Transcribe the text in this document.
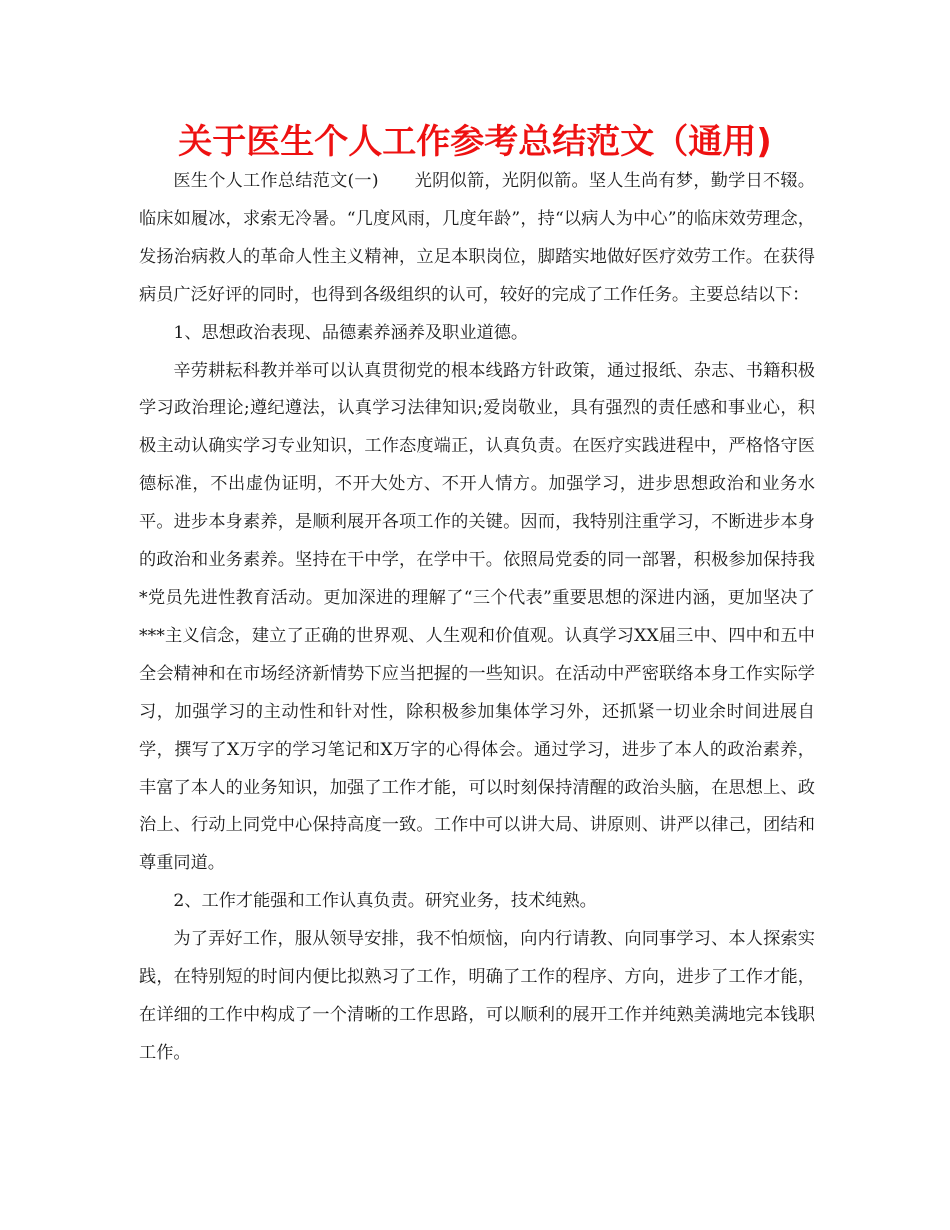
关于医生个人工作参考总结范文（通用)

医生个人工作总结范文(一) 光阴似箭，光阴似箭。坚人生尚有梦，勤学日不辍。临床如履冰，求索无冷暑。“几度风雨，几度年龄”，持“以病人为中心”的临床效劳理念，发扬治病救人的革命人性主义精神，立足本职岗位，脚踏实地做好医疗效劳工作。在获得病员广泛好评的同时，也得到各级组织的认可，较好的完成了工作任务。主要总结以下：

1、思想政治表现、品德素养涵养及职业道德。

辛劳耕耘科教并举可以认真贯彻党的根本线路方针政策，通过报纸、杂志、书籍积极学习政治理论;遵纪遵法，认真学习法律知识;爱岗敬业，具有强烈的责任感和事业心，积极主动认确实学习专业知识，工作态度端正，认真负责。在医疗实践进程中，严格恪守医德标准，不出虚伪证明，不开大处方、不开人情方。加强学习，进步思想政治和业务水平。进步本身素养，是顺利展开各项工作的关键。因而，我特别注重学习，不断进步本身的政治和业务素养。坚持在干中学，在学中干。依照局党委的同一部署，积极参加保持我*党员先进性教育活动。更加深进的理解了“三个代表”重要思想的深进内涵，更加坚决了***主义信念，建立了正确的世界观、人生观和价值观。认真学习XX届三中、四中和五中全会精神和在市场经济新情势下应当把握的一些知识。在活动中严密联络本身工作实际学习，加强学习的主动性和针对性，除积极参加集体学习外，还抓紧一切业余时间进展自学，撰写了X万字的学习笔记和X万字的心得体会。通过学习，进步了本人的政治素养，丰富了本人的业务知识，加强了工作才能，可以时刻保持清醒的政治头脑，在思想上、政治上、行动上同党中心保持高度一致。工作中可以讲大局、讲原则、讲严以律己，团结和尊重同道。

2、工作才能强和工作认真负责。研究业务，技术纯熟。

为了弄好工作，服从领导安排，我不怕烦恼，向内行请教、向同事学习、本人探索实践，在特别短的时间内便比拟熟习了工作，明确了工作的程序、方向，进步了工作才能，在详细的工作中构成了一个清晰的工作思路，可以顺利的展开工作并纯熟美满地完本钱职工作。
